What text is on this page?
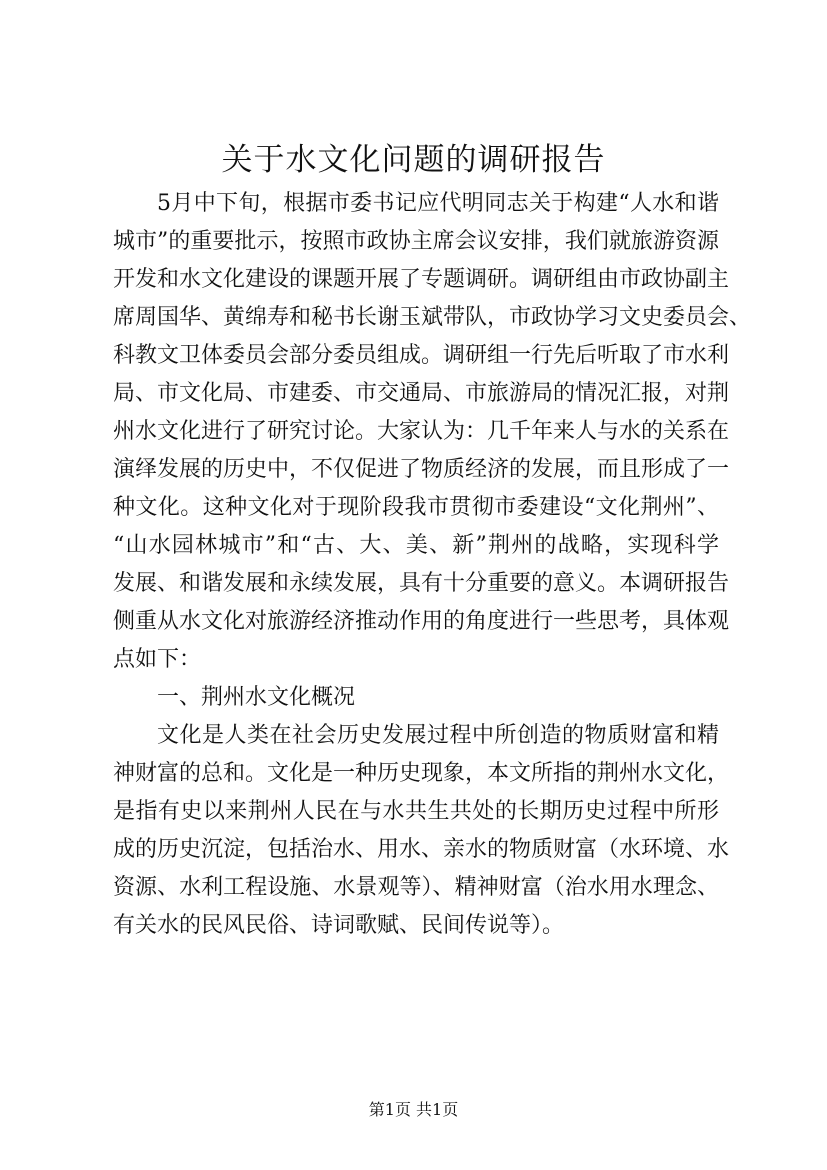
关于水文化问题的调研报告
5月中下旬，根据市委书记应代明同志关于构建“人水和谐
城市”的重要批示，按照市政协主席会议安排，我们就旅游资源
开发和水文化建设的课题开展了专题调研。调研组由市政协副主
席周国华、黄绵寿和秘书长谢玉斌带队，市政协学习文史委员会、
科教文卫体委员会部分委员组成。调研组一行先后听取了市水利
局、市文化局、市建委、市交通局、市旅游局的情况汇报，对荆
州水文化进行了研究讨论。大家认为：几千年来人与水的关系在
演绎发展的历史中，不仅促进了物质经济的发展，而且形成了一
种文化。这种文化对于现阶段我市贯彻市委建设“文化荆州”、
“山水园林城市”和“古、大、美、新”荆州的战略，实现科学
发展、和谐发展和永续发展，具有十分重要的意义。本调研报告
侧重从水文化对旅游经济推动作用的角度进行一些思考，具体观
点如下：
一、荆州水文化概况
文化是人类在社会历史发展过程中所创造的物质财富和精
神财富的总和。文化是一种历史现象，本文所指的荆州水文化，
是指有史以来荆州人民在与水共生共处的长期历史过程中所形
成的历史沉淀，包括治水、用水、亲水的物质财富（水环境、水
资源、水利工程设施、水景观等）、精神财富（治水用水理念、
有关水的民风民俗、诗词歌赋、民间传说等）。
第1页 共1页
